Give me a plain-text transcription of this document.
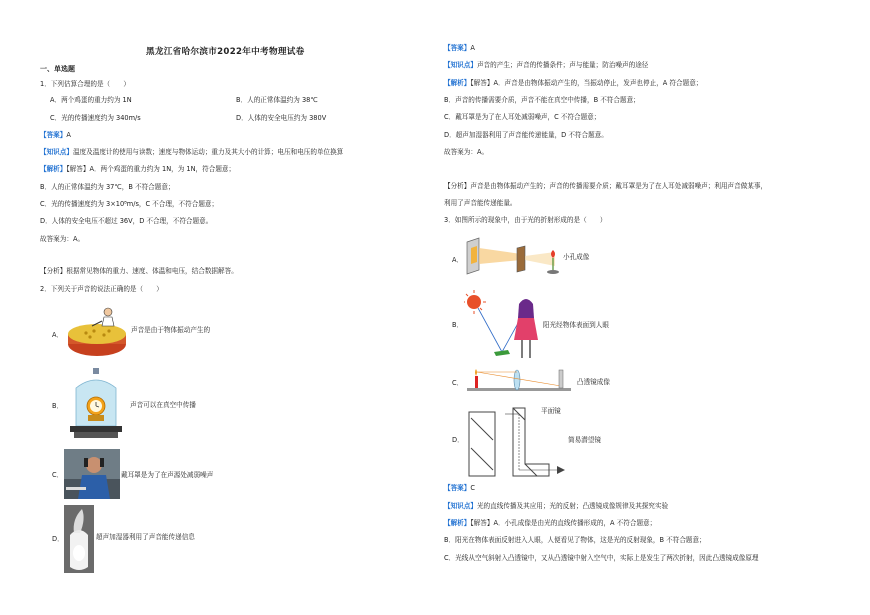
黑龙江省哈尔滨市2022年中考物理试卷
一、单选题
1．下列估算合理的是（　　）
A．两个鸡蛋的重力约为 1N	B．人的正常体温约为 38℃
C．光的传播速度约为 340m/s	D．人体的安全电压约为 380V
【答案】A
【知识点】温度及温度计的使用与读数；速度与物体运动；重力及其大小的计算；电压和电压的单位换算
【解析】【解答】A．两个鸡蛋的重力约为 1N，为 1N，符合题意；
B．人的正常体温约为 37℃，B 不符合题意；
C．光的传播速度约为 3×10⁸m/s，C 不合理，不符合题意；
D．人体的安全电压不超过 36V，D 不合理，不符合题意。
故答案为：A。
【分析】根据常见物体的重力、速度、体温和电压，结合数据解答。
2．下列关于声音的说法正确的是（　　）
A．
声音是由于物体振动产生的
B．	声音可以在真空中传播
C．	戴耳罩是为了在声源处减弱噪声
D．	超声加湿器利用了声音能传递信息
【答案】A
【知识点】声音的产生；声音的传播条件；声与能量；防治噪声的途径
【解析】【解答】A．声音是由物体振动产生的，当振动停止，发声也停止，A 符合题意；
B．声音的传播需要介质，声音不能在真空中传播，B 不符合题意；
C．戴耳罩是为了在人耳处减弱噪声，C 不符合题意；
D．超声加湿器利用了声音能传递能量，D 不符合题意。
故答案为：A。
【分析】声音是由物体振动产生的；声音的传播需要介质；戴耳罩是为了在人耳处减弱噪声；利用声音做某事，
利用了声音能传递能量。
3．如图所示的现象中，由于光的折射形成的是（　　）
A．	小孔成像
B．	阳光经物体表面到人眼
C．	凸透镜成像
D．
平面镜
简易潜望镜
【答案】C
【知识点】光的直线传播及其应用；光的反射；凸透镜成像规律及其探究实验
【解析】【解答】A．小孔成像是由光的直线传播形成的，A 不符合题意；
B．阳光在物体表面反射进入人眼，人便看见了物体，这是光的反射现象，B 不符合题意；
C．光线从空气斜射入凸透镜中，又从凸透镜中射入空气中，实际上是发生了两次折射，因此凸透镜成像原理
